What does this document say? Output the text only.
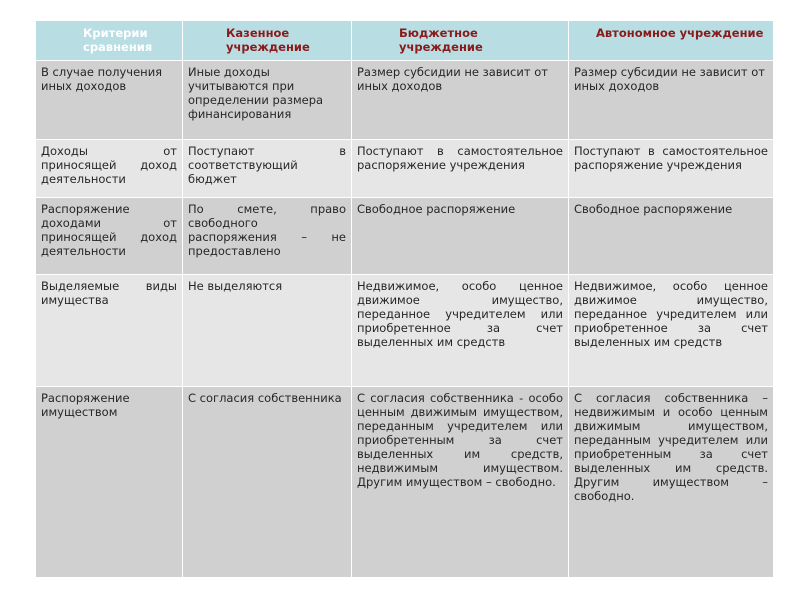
Критерии сравнения	Казенное учреждение	Бюджетное учреждение	Автономное учреждение
В случае получения иных доходов	Иные доходы учитываются при определении размера финансирования	Размер субсидии не зависит от иных доходов	Размер субсидии не зависит от иных доходов
Доходы от приносящей доход деятельности	Поступают в соответствующий бюджет	Поступают в самостоятельное распоряжение учреждения	Поступают в самостоятельное распоряжение учреждения
Распоряжение доходами от приносящей доход деятельности	По смете, право свободного распоряжения – не предоставлено	Свободное распоряжение	Свободное распоряжение
Выделяемые виды имущества	Не выделяются	Недвижимое, особо ценное движимое имущество, переданное учредителем или приобретенное за счет выделенных им средств	Недвижимое, особо ценное движимое имущество, переданное учредителем или приобретенное за счет выделенных им средств
Распоряжение имуществом	С согласия собственника	С согласия собственника - особо ценным движимым имуществом, переданным учредителем или приобретенным за счет выделенных им средств, недвижимым имуществом. Другим имуществом – свободно.	С согласия собственника – недвижимым и особо ценным движимым имуществом, переданным учредителем или приобретенным за счет выделенных им средств. Другим имуществом – свободно.
